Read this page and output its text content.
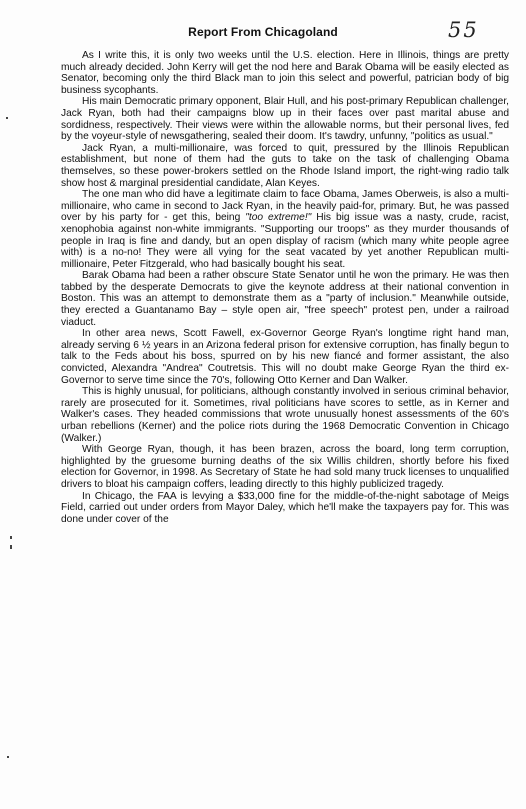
Report From Chicagoland	55

As I write this, it is only two weeks until the U.S. election. Here in Illinois, things are pretty much already decided. John Kerry will get the nod here and Barak Obama will be easily elected as Senator, becoming only the third Black man to join this select and powerful, patrician body of big business sycophants.

His main Democratic primary opponent, Blair Hull, and his post-primary Republican challenger, Jack Ryan, both had their campaigns blow up in their faces over past marital abuse and sordidness, respectively. Their views were within the allowable norms, but their personal lives, fed by the voyeur-style of newsgathering, sealed their doom. It's tawdry, unfunny, "politics as usual."

Jack Ryan, a multi-millionaire, was forced to quit, pressured by the Illinois Republican establishment, but none of them had the guts to take on the task of challenging Obama themselves, so these power-brokers settled on the Rhode Island import, the right-wing radio talk show host & marginal presidential candidate, Alan Keyes.

The one man who did have a legitimate claim to face Obama, James Oberweis, is also a multi-millionaire, who came in second to Jack Ryan, in the heavily paid-for, primary. But, he was passed over by his party for - get this, being "too extreme!" His big issue was a nasty, crude, racist, xenophobia against non-white immigrants. "Supporting our troops" as they murder thousands of people in Iraq is fine and dandy, but an open display of racism (which many white people agree with) is a no-no! They were all vying for the seat vacated by yet another Republican multi-millionaire, Peter Fitzgerald, who had basically bought his seat.

Barak Obama had been a rather obscure State Senator until he won the primary. He was then tabbed by the desperate Democrats to give the keynote address at their national convention in Boston. This was an attempt to demonstrate them as a "party of inclusion." Meanwhile outside, they erected a Guantanamo Bay – style open air, "free speech" protest pen, under a railroad viaduct.

In other area news, Scott Fawell, ex-Governor George Ryan's longtime right hand man, already serving 6 ½ years in an Arizona federal prison for extensive corruption, has finally begun to talk to the Feds about his boss, spurred on by his new fiancé and former assistant, the also convicted, Alexandra "Andrea" Coutretsis. This will no doubt make George Ryan the third ex-Governor to serve time since the 70's, following Otto Kerner and Dan Walker.

This is highly unusual, for politicians, although constantly involved in serious criminal behavior, rarely are prosecuted for it. Sometimes, rival politicians have scores to settle, as in Kerner and Walker's cases. They headed commissions that wrote unusually honest assessments of the 60's urban rebellions (Kerner) and the police riots during the 1968 Democratic Convention in Chicago (Walker.)

With George Ryan, though, it has been brazen, across the board, long term corruption, highlighted by the gruesome burning deaths of the six Willis children, shortly before his fixed election for Governor, in 1998. As Secretary of State he had sold many truck licenses to unqualified drivers to bloat his campaign coffers, leading directly to this highly publicized tragedy.

In Chicago, the FAA is levying a $33,000 fine for the middle-of-the-night sabotage of Meigs Field, carried out under orders from Mayor Daley, which he'll make the taxpayers pay for. This was done under cover of the
